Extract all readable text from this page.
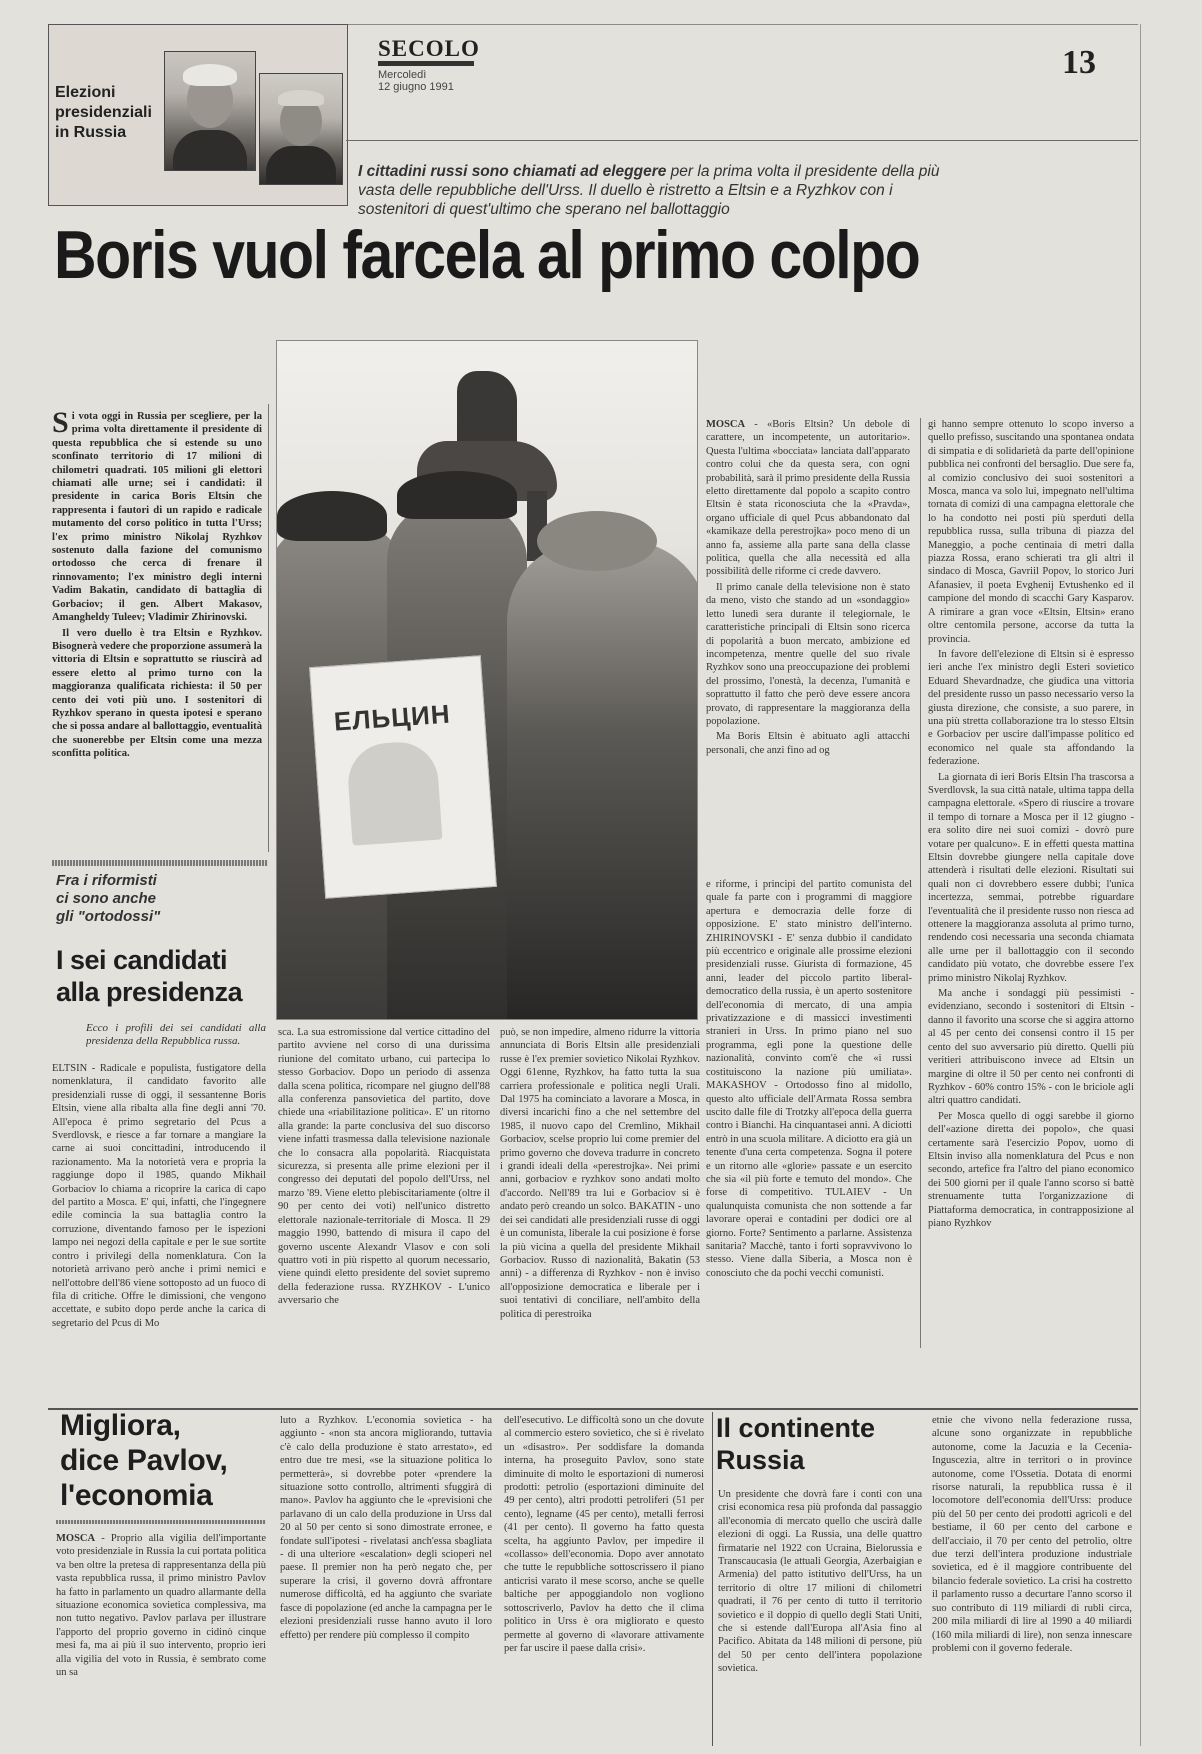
Elezioni
presidenziali
in Russia
SECOLO
Mercoledì
12 giugno 1991
13
I cittadini russi sono chiamati ad eleggere per la prima volta il presidente della più vasta delle repubbliche dell'Urss. Il duello è ristretto a Eltsin e a Ryzhkov con i sostenitori di quest'ultimo che sperano nel ballottaggio
Boris vuol farcela al primo colpo

Si vota oggi in Russia per scegliere, per la prima volta direttamente il presidente di questa repubblica che si estende su uno sconfinato territorio di 17 milioni di chilometri quadrati. 105 milioni gli elettori chiamati alle urne; sei i candidati: il presidente in carica Boris Eltsin che rappresenta i fautori di un rapido e radicale mutamento del corso politico in tutta l'Urss; l'ex primo ministro Nikolaj Ryzhkov sostenuto dalla fazione del comunismo ortodosso che cerca di frenare il rinnovamento; l'ex ministro degli interni Vadim Bakatin, candidato di battaglia di Gorbaciov; il gen. Albert Makasov, Amangheldy Tuleev; Vladimir Zhirinovski.

Il vero duello è tra Eltsin e Ryzhkov. Bisognerà vedere che proporzione assumerà la vittoria di Eltsin e soprattutto se riuscirà ad essere eletto al primo turno con la maggioranza qualificata richiesta: il 50 per cento dei voti più uno. I sostenitori di Ryzhkov sperano in questa ipotesi e sperano che si possa andare al ballottaggio, eventualità che suonerebbe per Eltsin come una mezza sconfitta politica.

ЕЛЬЦИН

MOSCA - «Boris Eltsin? Un debole di carattere, un incompetente, un autoritario». Questa l'ultima «bocciata» lanciata dall'apparato contro colui che da questa sera, con ogni probabilità, sarà il primo presidente della Russia eletto direttamente dal popolo a scapito contro Eltsin è stata riconosciuta che la «Pravda», organo ufficiale di quel Pcus abbandonato dal «kamikaze della perestrojka» poco meno di un anno fa, assieme alla parte sana della classe politica, quella che alla necessità ed alla possibilità delle riforme ci crede davvero.

Il primo canale della televisione non è stato da meno, visto che stando ad un «sondaggio» letto lunedì sera durante il telegiornale, le caratteristiche principali di Eltsin sono ricerca di popolarità a buon mercato, ambizione ed incompetenza, mentre quelle del suo rivale Ryzhkov sono una preoccupazione dei problemi del prossimo, l'onestà, la decenza, l'umanità e soprattutto il fatto che però deve essere ancora provato, di rappresentare la maggioranza della popolazione.

Ma Boris Eltsin è abituato agli attacchi personali, che anzi fino ad og

gi hanno sempre ottenuto lo scopo inverso a quello prefisso, suscitando una spontanea ondata di simpatia e di solidarietà da parte dell'opinione pubblica nei confronti del bersaglio. Due sere fa, al comizio conclusivo dei suoi sostenitori a Mosca, manca va solo lui, impegnato nell'ultima tornata di comizi di una campagna elettorale che lo ha condotto nei posti più sperduti della repubblica russa, sulla tribuna di piazza del Maneggio, a poche centinaia di metri dalla piazza Rossa, erano schierati tra gli altri il sindaco di Mosca, Gavriil Popov, lo storico Juri Afanasiev, il poeta Evghenij Evtushenko ed il campione del mondo di scacchi Gary Kasparov. A rimirare a gran voce «Eltsin, Eltsin» erano oltre centomila persone, accorse da tutta la provincia.

In favore dell'elezione di Eltsin si è espresso ieri anche l'ex ministro degli Esteri sovietico Eduard Shevardnadze, che giudica una vittoria del presidente russo un passo necessario verso la giusta direzione, che consiste, a suo parere, in una più stretta collaborazione tra lo stesso Eltsin e Gorbaciov per uscire dall'impasse politico ed economico nel quale sta affondando la federazione.

La giornata di ieri Boris Eltsin l'ha trascorsa a Sverdlovsk, la sua città natale, ultima tappa della campagna elettorale. «Spero di riuscire a trovare il tempo di tornare a Mosca per il 12 giugno - era solito dire nei suoi comizi - dovrò pure votare per qualcuno». E in effetti questa mattina Eltsin dovrebbe giungere nella capitale dove attenderà i risultati delle elezioni. Risultati sui quali non ci dovrebbero essere dubbi; l'unica incertezza, semmai, potrebbe riguardare l'eventualità che il presidente russo non riesca ad ottenere la maggioranza assoluta al primo turno, rendendo così necessaria una seconda chiamata alle urne per il ballottaggio con il secondo candidato più votato, che dovrebbe essere l'ex primo ministro Nikolaj Ryzhkov.

Ma anche i sondaggi più pessimisti - evidenziano, secondo i sostenitori di Eltsin - danno il favorito una scorse che si aggira attorno al 45 per cento dei consensi contro il 15 per cento del suo avversario più diretto. Quelli più veritieri attribuiscono invece ad Eltsin un margine di oltre il 50 per cento nei confronti di Ryzhkov - 60% contro 15% - con le briciole agli altri quattro candidati.

Per Mosca quello di oggi sarebbe il giorno dell'«azione diretta dei popolo», che quasi certamente sarà l'esercizio Popov, uomo di Eltsin inviso alla nomenklatura del Pcus e non secondo, artefice fra l'altro del piano economico dei 500 giorni per il quale l'anno scorso si battè strenuamente tutta l'organizzazione di Piattaforma democratica, in contrapposizione al piano Ryzhkov

Fra i riformisti
ci sono anche
gli "ortodossi"
I sei candidati
alla presidenza
Ecco i profili dei sei candidati alla presidenza della Repubblica russa.
ELTSIN - Radicale e populista, fustigatore della nomenklatura, il candidato favorito alle presidenziali russe di oggi, il sessantenne Boris Eltsin, viene alla ribalta alla fine degli anni '70. All'epoca è primo segretario del Pcus a Sverdlovsk, e riesce a far tornare a mangiare la carne ai suoi concittadini, introducendo il razionamento. Ma la notorietà vera e propria la raggiunge dopo il 1985, quando Mikhail Gorbaciov lo chiama a ricoprire la carica di capo del partito a Mosca. E' qui, infatti, che l'ingegnere edile comincia la sua battaglia contro la corruzione, diventando famoso per le ispezioni lampo nei negozi della capitale e per le sue sortite contro i privilegi della nomenklatura. Con la notorietà arrivano però anche i primi nemici e nell'ottobre dell'86 viene sottoposto ad un fuoco di fila di critiche. Offre le dimissioni, che vengono accettate, e subito dopo perde anche la carica di segretario del Pcus di Mo
sca. La sua estromissione dal vertice cittadino del partito avviene nel corso di una durissima riunione del comitato urbano, cui partecipa lo stesso Gorbaciov. Dopo un periodo di assenza dalla scena politica, ricompare nel giugno dell'88 alla conferenza pansovietica del partito, dove chiede una «riabilitazione politica». E' un ritorno alla grande: la parte conclusiva del suo discorso viene infatti trasmessa dalla televisione nazionale che lo consacra alla popolarità. Riacquistata sicurezza, si presenta alle prime elezioni per il congresso dei deputati del popolo dell'Urss, nel marzo '89. Viene eletto plebiscitariamente (oltre il 90 per cento dei voti) nell'unico distretto elettorale nazionale-territoriale di Mosca. Il 29 maggio 1990, battendo di misura il capo del governo uscente Alexandr Vlasov e con soli quattro voti in più rispetto al quorum necessario, viene quindi eletto presidente del soviet supremo della federazione russa. RYZHKOV - L'unico avversario che
può, se non impedire, almeno ridurre la vittoria annunciata di Boris Eltsin alle presidenziali russe è l'ex premier sovietico Nikolai Ryzhkov. Oggi 61enne, Ryzhkov, ha fatto tutta la sua carriera professionale e politica negli Urali. Dal 1975 ha cominciato a lavorare a Mosca, in diversi incarichi fino a che nel settembre del 1985, il nuovo capo del Cremlino, Mikhail Gorbaciov, scelse proprio lui come premier del primo governo che doveva tradurre in concreto i grandi ideali della «perestrojka». Nei primi anni, gorbaciov e ryzhkov sono andati molto d'accordo. Nell'89 tra lui e Gorbaciov si è andato però creando un solco. BAKATIN - uno dei sei candidati alle presidenziali russe di oggi è un comunista, liberale la cui posizione è forse la più vicina a quella del presidente Mikhail Gorbaciov. Russo di nazionalità, Bakatin (53 anni) - a differenza di Ryzhkov - non è inviso all'opposizione democratica e liberale per i suoi tentativi di conciliare, nell'ambito della politica di perestroika
e riforme, i principi del partito comunista del quale fa parte con i programmi di maggiore apertura e democrazia delle forze di opposizione. E' stato ministro dell'interno. ZHIRINOVSKI - E' senza dubbio il candidato più eccentrico e originale alle prossime elezioni presidenziali russe. Giurista di formazione, 45 anni, leader del piccolo partito liberal-democratico della russia, è un aperto sostenitore dell'economia di mercato, di una ampia privatizzazione e di massicci investimenti stranieri in Urss. In primo piano nel suo programma, egli pone la questione delle nazionalità, convinto com'è che «i russi costituiscono la nazione più umiliata». MAKASHOV - Ortodosso fino al midollo, questo alto ufficiale dell'Armata Rossa sembra uscito dalle file di Trotzky all'epoca della guerra contro i Bianchi. Ha cinquantasei anni. A diciotti entrò in una scuola militare. A diciotto era già un tenente d'una certa competenza. Sogna il potere e un ritorno alle «glorie» passate e un esercito che sia «il più forte e temuto del mondo». Che forse di competitivo. TULAIEV - Un qualunquista comunista che non sottende a far lavorare operai e contadini per dodici ore al giorno. Forte? Sentimento a parlarne. Assistenza sanitaria? Macchè, tanto i forti sopravvivono lo stesso. Viene dalla Siberia, a Mosca non è conosciuto che da pochi vecchi comunisti.
Migliora,
dice Pavlov,
l'economia

MOSCA - Proprio alla vigilia dell'importante voto presidenziale in Russia la cui portata politica va ben oltre la pretesa di rappresentanza della più vasta repubblica russa, il primo ministro Pavlov ha fatto in parlamento un quadro allarmante della situazione economica sovietica complessiva, ma non tutto negativo. Pavlov parlava per illustrare l'apporto del proprio governo in cidinò cinque mesi fa, ma ai più il suo intervento, proprio ieri alla vigilia del voto in Russia, è sembrato come un sa

luto a Ryzhkov. L'economia sovietica - ha aggiunto - «non sta ancora migliorando, tuttavia c'è calo della produzione è stato arrestato», ed entro due tre mesi, «se la situazione politica lo permetterà», si dovrebbe poter «prendere la situazione sotto controllo, altrimenti sfuggirà di mano». Pavlov ha aggiunto che le «previsioni che parlavano di un calo della produzione in Urss dal 20 al 50 per cento si sono dimostrate erronee, e fondate sull'ipotesi - rivelatasi anch'essa sbagliata - di una ulteriore «escalation» degli scioperi nel paese. Il premier non ha però negato che, per superare la crisi, il governo dovrà affrontare numerose difficoltà, ed ha aggiunto che svariate fasce di popolazione (ed anche la campagna per le elezioni presidenziali russe hanno avuto il loro effetto) per rendere più complesso il compito
dell'esecutivo. Le difficoltà sono un che dovute al commercio estero sovietico, che si è rivelato un «disastro». Per soddisfare la domanda interna, ha proseguito Pavlov, sono state diminuite di molto le esportazioni di numerosi prodotti: petrolio (esportazioni diminuite del 49 per cento), altri prodotti petroliferi (51 per cento), legname (45 per cento), metalli ferrosi (41 per cento). Il governo ha fatto questa scelta, ha aggiunto Pavlov, per impedire il «collasso» dell'economia. Dopo aver annotato che tutte le repubbliche sottoscrissero il piano anticrisi varato il mese scorso, anche se quelle baltiche per appoggiandolo non vogliono sottoscriverlo, Pavlov ha detto che il clima politico in Urss è ora migliorato e questo permette al governo di «lavorare attivamente per far uscire il paese dalla crisi».
Il continente
Russia
Un presidente che dovrà fare i conti con una crisi economica resa più profonda dal passaggio all'economia di mercato quello che uscirà dalle elezioni di oggi. La Russia, una delle quattro firmatarie nel 1922 con Ucraina, Bielorussia e Transcaucasia (le attuali Georgia, Azerbaigian e Armenia) del patto istitutivo dell'Urss, ha un territorio di oltre 17 milioni di chilometri quadrati, il 76 per cento di tutto il territorio sovietico e il doppio di quello degli Stati Uniti, che si estende dall'Europa all'Asia fino al Pacifico. Abitata da 148 milioni di persone, più del 50 per cento dell'intera popolazione sovietica.
etnie che vivono nella federazione russa, alcune sono organizzate in repubbliche autonome, come la Jacuzia e la Cecenia-Inguscezia, altre in territori o in province autonome, come l'Ossetia. Dotata di enormi risorse naturali, la repubblica russa è il locomotore dell'economia dell'Urss: produce più del 50 per cento dei prodotti agricoli e del bestiame, il 60 per cento del carbone e dell'acciaio, il 70 per cento del petrolio, oltre due terzi dell'intera produzione industriale sovietica, ed è il maggiore contribuente del bilancio federale sovietico. La crisi ha costretto il parlamento russo a decurtare l'anno scorso il suo contributo di 119 miliardi di rubli circa, 200 mila miliardi di lire al 1990 a 40 miliardi (160 mila miliardi di lire), non senza innescare problemi con il governo federale.
